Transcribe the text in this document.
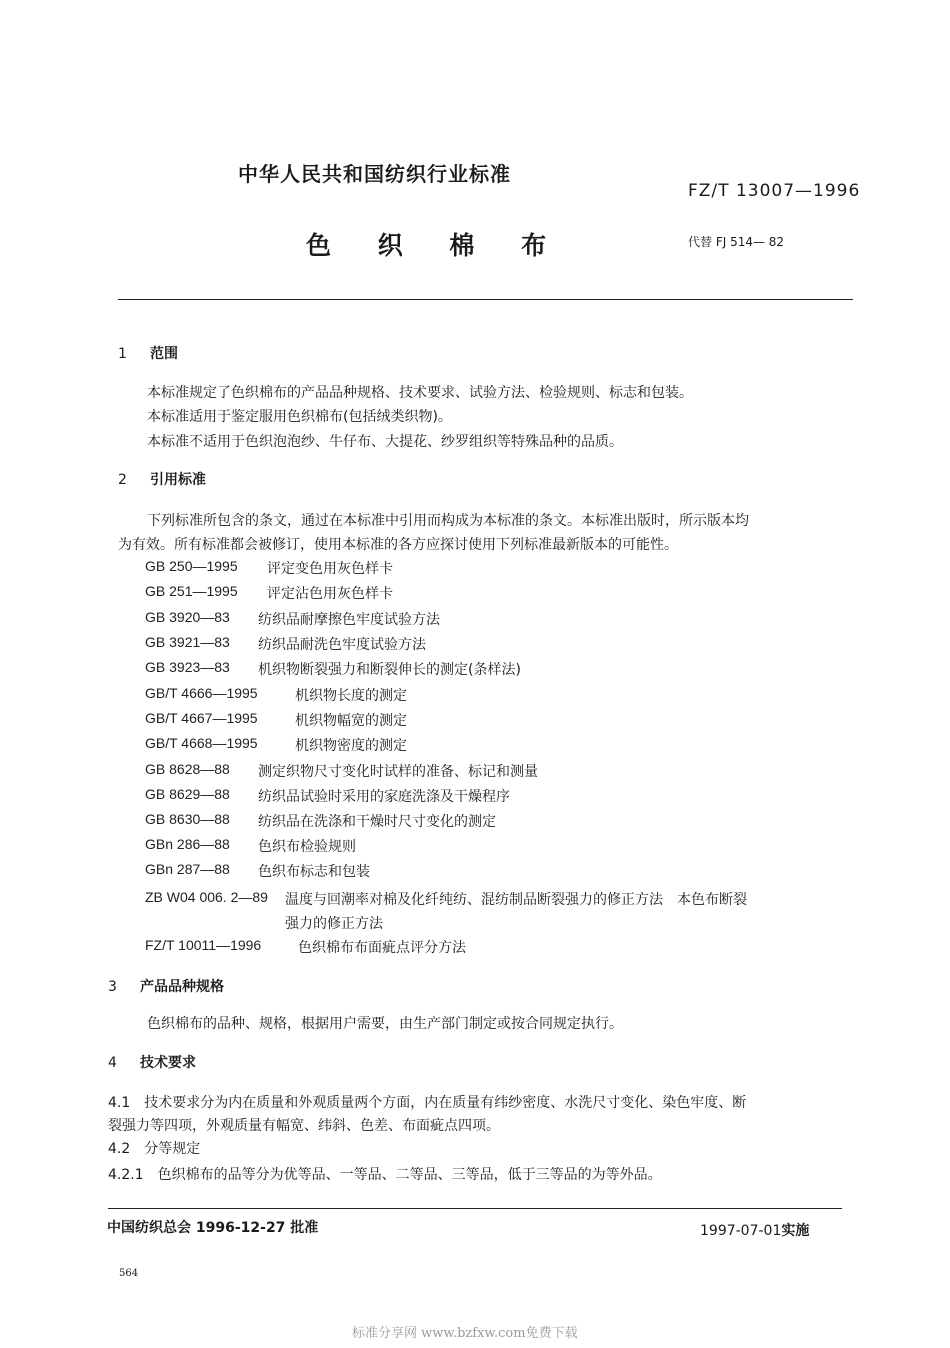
中华人民共和国纺织行业标准
FZ/T 13007—1996
色 织 棉 布	代替 FJ 514— 82
1 范围
本标准规定了色织棉布的产品品种规格、技术要求、试验方法、检验规则、标志和包装。
本标准适用于鉴定服用色织棉布(包括绒类织物)。
本标准不适用于色织泡泡纱、牛仔布、大提花、纱罗组织等特殊品种的品质。
2 引用标准
下列标准所包含的条文，通过在本标准中引用而构成为本标准的条文。本标准出版时，所示版本均
为有效。所有标准都会被修订，使用本标准的各方应探讨使用下列标准最新版本的可能性。
GB 250—1995 评定变色用灰色样卡
GB 251—1995 评定沾色用灰色样卡
GB 3920—83 纺织品耐摩擦色牢度试验方法
GB 3921—83 纺织品耐洗色牢度试验方法
GB 3923—83 机织物断裂强力和断裂伸长的测定(条样法)
GB/T 4666—1995	机织物长度的测定
GB/T 4667—1995	机织物幅宽的测定
GB/T 4668—1995	机织物密度的测定
GB 8628—88 测定织物尺寸变化时试样的准备、标记和测量
GB 8629—88 纺织品试验时采用的家庭洗涤及干燥程序
GB 8630—88 纺织品在洗涤和干燥时尺寸变化的测定
GBn 286—88 色织布检验规则
GBn 287—88 色织布标志和包装
ZB W04 006. 2—89 温度与回潮率对棉及化纤纯纺、混纺制品断裂强力的修正方法　本色布断裂
强力的修正方法
FZ/T 10011—1996	色织棉布布面疵点评分方法
3 产品品种规格
色织棉布的品种、规格，根据用户需要，由生产部门制定或按合同规定执行。
4 技术要求
4.1　技术要求分为内在质量和外观质量两个方面，内在质量有纬纱密度、水洗尺寸变化、染色牢度、断
裂强力等四项，外观质量有幅宽、纬斜、色差、布面疵点四项。
4.2　分等规定
4.2.1　色织棉布的品等分为优等品、一等品、二等品、三等品，低于三等品的为等外品。
中国纺织总会 1996-12-27 批准	1997-07-01实施
564
标准分享网 www.bzfxw.com免费下载
